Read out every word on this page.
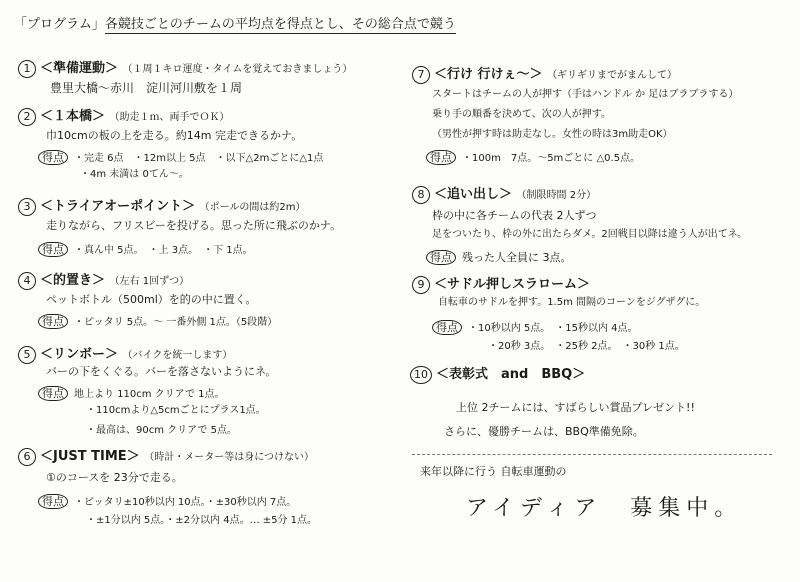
「プログラム」各競技ごとのチームの平均点を得点とし、その総合点で競う
1 ＜準備運動＞ （１周１キロ運度・タイムを覚えておきましょう）
豊里大橋〜赤川　淀川河川敷を１周
2 ＜１本橋＞ （助走１ｍ、両手でＯＫ）
巾10cmの板の上を走る。約14m 完走できるかナ。
得点 ・完走 6点　・12m以上 5点　・以下△2mごとに△1点
・4m 未満は 0てん〜。
3 ＜トライアオーポイント＞ （ポールの間は約2m）
走りながら、フリスビーを投げる。思った所に飛ぶのかナ。
得点 ・真ん中 5点。　・上 3点。　・下 1点。
4 ＜的置き＞ （左右 1回ずつ）
ペットボトル（500ml）を的の中に置く。
得点 ・ピッタリ 5点。〜 一番外側 1点。（5段階）
5 ＜リンボー＞ （バイクを統一します）
バーの下をくぐる。バーを落さないようにネ。
得点 地上より 110cm クリアで 1点。
・110cmより△5cmごとにプラス1点。
・最高は、90cm クリアで 5点。
6 ＜JUST TIME＞ （時計・メーター等は身につけない）
①のコースを 23分で走る。
得点 ・ピッタリ±10秒以内 10点。・±30秒以内 7点。
・±1分以内 5点。・±2分以内 4点。… ±5分 1点。
7 ＜行け 行けぇ〜＞ （ギリギリまでがまんして）
スタートはチームの人が押す（手はハンドル か 足はブラブラする）
乗り手の順番を決めて、次の人が押す。
（男性が押す時は助走なし。女性の時は3m助走OK）
得点 ・100m　7点。〜5mごとに △0.5点。
8 ＜追い出し＞ （制限時間 2分）
枠の中に各チームの代表 2人ずつ
足をついたり、枠の外に出たらダメ。2回戦目以降は違う人が出てネ。
得点 残った人全員に 3点。
9 ＜サドル押しスラローム＞
自転車のサドルを押す。1.5m 間隔のコーンをジグザグに。
得点 ・10秒以内 5点。　・15秒以内 4点。
・20秒 3点。　・25秒 2点。　・30秒 1点。
10 ＜表彰式　and　BBQ＞
上位 2チームには、すばらしい賞品プレゼント!!
さらに、優勝チームは、BBQ準備免除。
来年以降に行う 自転車運動の
アイディア　募集中。
